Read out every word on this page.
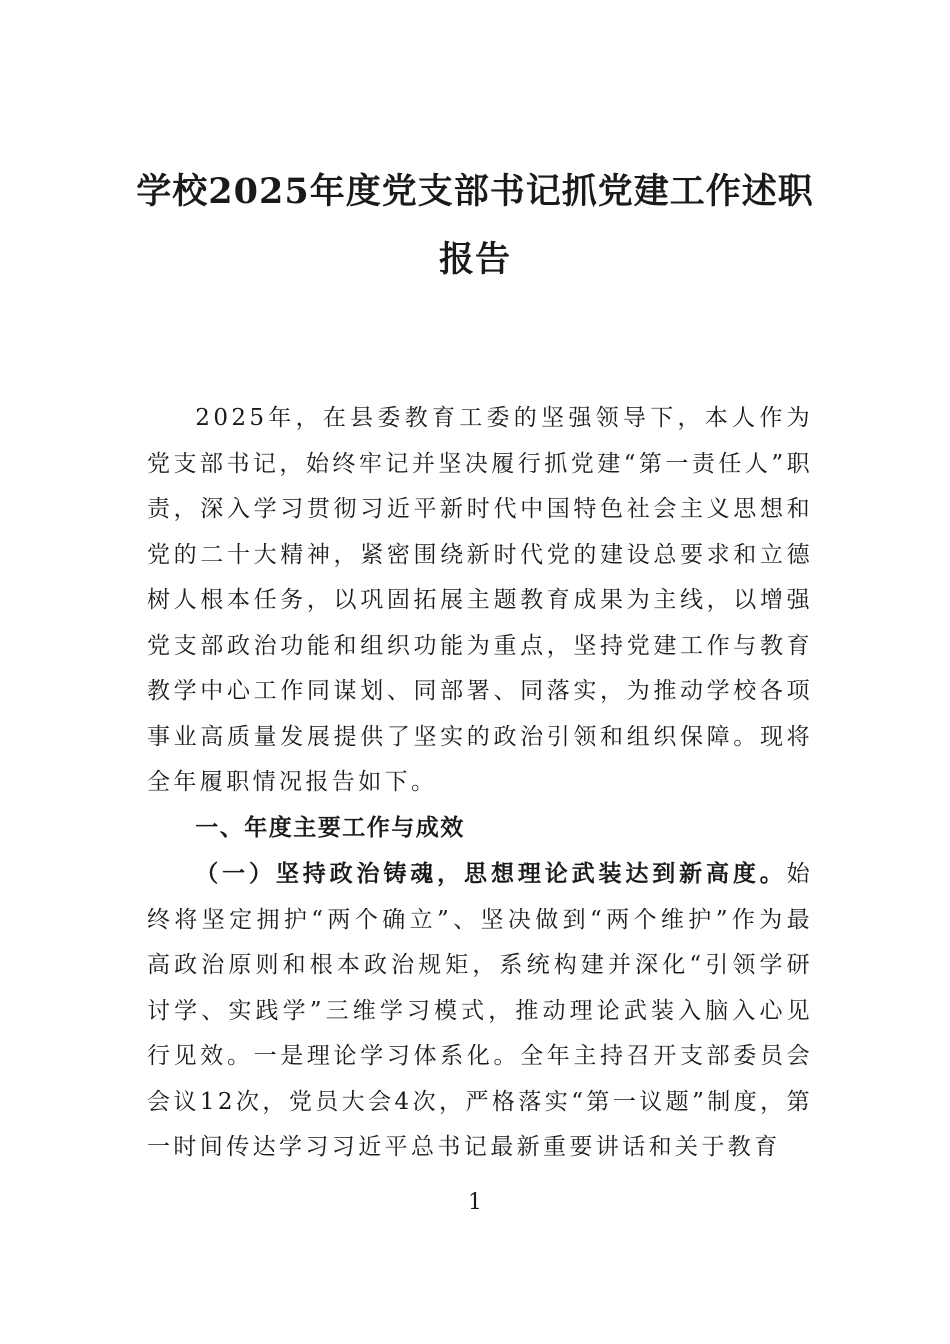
学校2025年度党支部书记抓党建工作述职
报告

2025年，在县委教育工委的坚强领导下，本人作为党支部书记，始终牢记并坚决履行抓党建“第一责任人”职责，深入学习贯彻习近平新时代中国特色社会主义思想和党的二十大精神，紧密围绕新时代党的建设总要求和立德树人根本任务，以巩固拓展主题教育成果为主线，以增强党支部政治功能和组织功能为重点，坚持党建工作与教育教学中心工作同谋划、同部署、同落实，为推动学校各项事业高质量发展提供了坚实的政治引领和组织保障。现将全年履职情况报告如下。

一、年度主要工作与成效

（一）坚持政治铸魂，思想理论武装达到新高度。始终将坚定拥护“两个确立”、坚决做到“两个维护”作为最高政治原则和根本政治规矩，系统构建并深化“引领学研讨学、实践学”三维学习模式，推动理论武装入脑入心见行见效。一是理论学习体系化。全年主持召开支部委员会会议12次，党员大会4次，严格落实“第一议题”制度，第一时间传达学习习近平总书记最新重要讲话和关于教育

1
